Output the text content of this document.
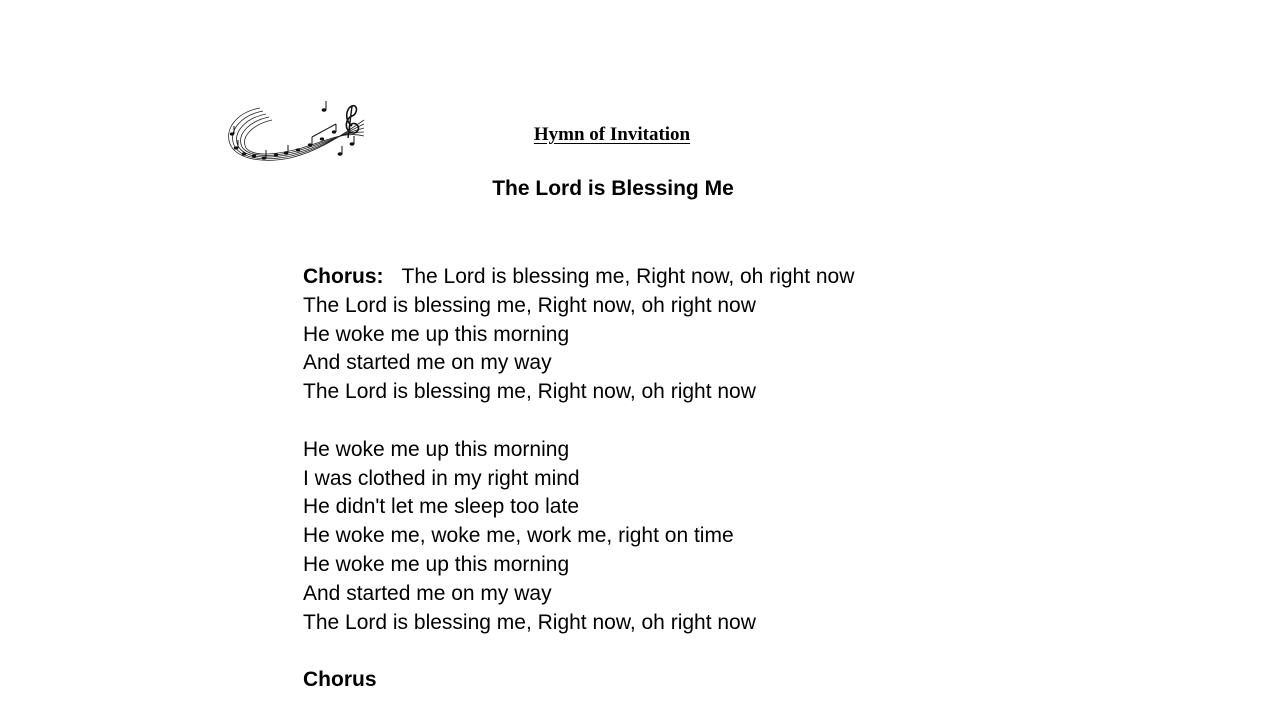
Hymn of Invitation
The Lord is Blessing Me
Chorus: The Lord is blessing me, Right now, oh right now
The Lord is blessing me, Right now, oh right now
He woke me up this morning
And started me on my way
The Lord is blessing me, Right now, oh right now
He woke me up this morning
I was clothed in my right mind
He didn't let me sleep too late
He woke me, woke me, work me, right on time
He woke me up this morning
And started me on my way
The Lord is blessing me, Right now, oh right now
Chorus
